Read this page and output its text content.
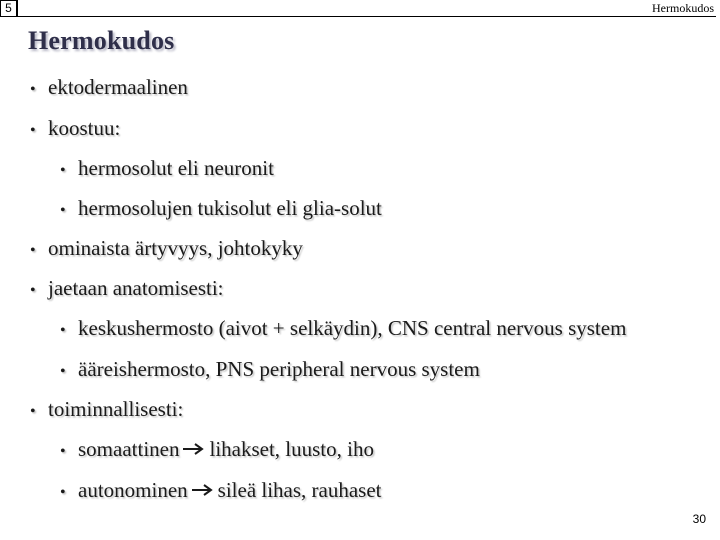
5	Hermokudos
Hermokudos
• ektodermaalinen
• koostuu:
• hermosolut eli neuronit
• hermosolujen tukisolut eli glia-solut
• ominaista ärtyvyys, johtokyky
• jaetaan anatomisesti:
• keskushermosto (aivot + selkäydin), CNS central nervous system
• ääreishermosto, PNS peripheral nervous system
• toiminnallisesti:
• somaattinen lihakset, luusto, iho
• autonominen sileä lihas, rauhaset
30
